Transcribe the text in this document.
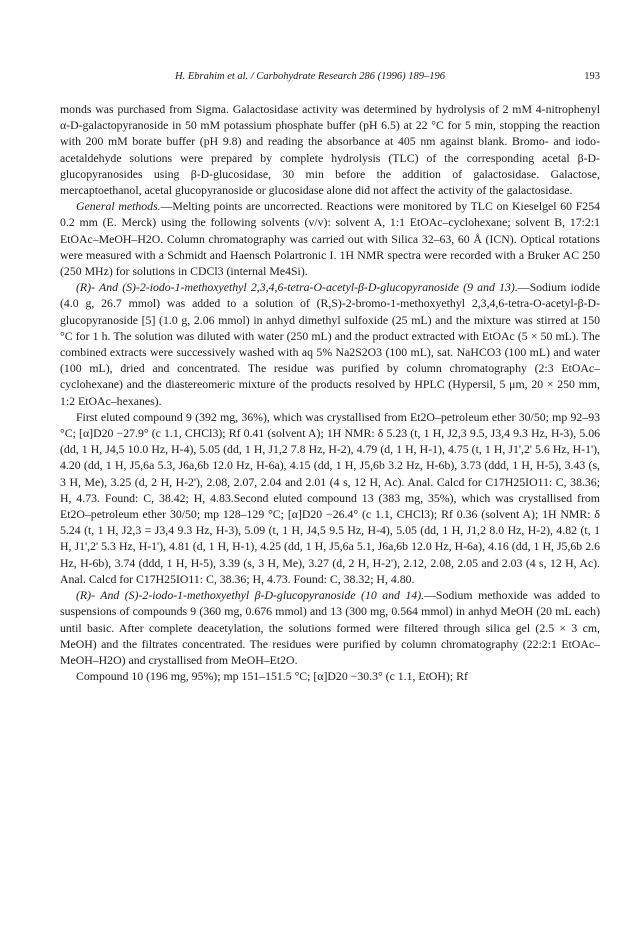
H. Ebrahim et al. / Carbohydrate Research 286 (1996) 189–196	193

monds was purchased from Sigma. Galactosidase activity was determined by hydrolysis of 2 mM 4-nitrophenyl α-D-galactopyranoside in 50 mM potassium phosphate buffer (pH 6.5) at 22 °C for 5 min, stopping the reaction with 200 mM borate buffer (pH 9.8) and reading the absorbance at 405 nm against blank. Bromo- and iodo-acetaldehyde solutions were prepared by complete hydrolysis (TLC) of the corresponding acetal β-D-glucopyranosides using β-D-glucosidase, 30 min before the addition of galactosidase. Galactose, mercaptoethanol, acetal glucopyranoside or glucosidase alone did not affect the activity of the galactosidase.

General methods.—Melting points are uncorrected. Reactions were monitored by TLC on Kieselgel 60 F254 0.2 mm (E. Merck) using the following solvents (v/v): solvent A, 1:1 EtOAc–cyclohexane; solvent B, 17:2:1 EtOAc–MeOH–H2O. Column chromatography was carried out with Silica 32–63, 60 Å (ICN). Optical rotations were measured with a Schmidt and Haensch Polartronic I. 1H NMR spectra were recorded with a Bruker AC 250 (250 MHz) for solutions in CDCl3 (internal Me4Si).

(R)- And (S)-2-iodo-1-methoxyethyl 2,3,4,6-tetra-O-acetyl-β-D-glucopyranoside (9 and 13).—Sodium iodide (4.0 g, 26.7 mmol) was added to a solution of (R,S)-2-bromo-1-methoxyethyl 2,3,4,6-tetra-O-acetyl-β-D-glucopyranoside [5] (1.0 g, 2.06 mmol) in anhyd dimethyl sulfoxide (25 mL) and the mixture was stirred at 150 °C for 1 h. The solution was diluted with water (250 mL) and the product extracted with EtOAc (5 × 50 mL). The combined extracts were successively washed with aq 5% Na2S2O3 (100 mL), sat. NaHCO3 (100 mL) and water (100 mL), dried and concentrated. The residue was purified by column chromatography (2:3 EtOAc–cyclohexane) and the diastereomeric mixture of the products resolved by HPLC (Hypersil, 5 μm, 20 × 250 mm, 1:2 EtOAc–hexanes).

First eluted compound 9 (392 mg, 36%), which was crystallised from Et2O–petroleum ether 30/50; mp 92–93 °C; [α]D20 −27.9° (c 1.1, CHCl3); Rf 0.41 (solvent A); 1H NMR: δ 5.23 (t, 1 H, J2,3 9.5, J3,4 9.3 Hz, H-3), 5.06 (dd, 1 H, J4,5 10.0 Hz, H-4), 5.05 (dd, 1 H, J1,2 7.8 Hz, H-2), 4.79 (d, 1 H, H-1), 4.75 (t, 1 H, J1',2' 5.6 Hz, H-1'), 4.20 (dd, 1 H, J5,6a 5.3, J6a,6b 12.0 Hz, H-6a), 4.15 (dd, 1 H, J5,6b 3.2 Hz, H-6b), 3.73 (ddd, 1 H, H-5), 3.43 (s, 3 H, Me), 3.25 (d, 2 H, H-2'), 2.08, 2.07, 2.04 and 2.01 (4 s, 12 H, Ac). Anal. Calcd for C17H25IO11: C, 38.36; H, 4.73. Found: C, 38.42; H, 4.83.Second eluted compound 13 (383 mg, 35%), which was crystallised from Et2O–petroleum ether 30/50; mp 128–129 °C; [α]D20 −26.4° (c 1.1, CHCl3); Rf 0.36 (solvent A); 1H NMR: δ 5.24 (t, 1 H, J2,3 = J3,4 9.3 Hz, H-3), 5.09 (t, 1 H, J4,5 9.5 Hz, H-4), 5.05 (dd, 1 H, J1,2 8.0 Hz, H-2), 4.82 (t, 1 H, J1',2' 5.3 Hz, H-1'), 4.81 (d, 1 H, H-1), 4.25 (dd, 1 H, J5,6a 5.1, J6a,6b 12.0 Hz, H-6a), 4.16 (dd, 1 H, J5,6b 2.6 Hz, H-6b), 3.74 (ddd, 1 H, H-5), 3.39 (s, 3 H, Me), 3.27 (d, 2 H, H-2'), 2.12, 2.08, 2.05 and 2.03 (4 s, 12 H, Ac). Anal. Calcd for C17H25IO11: C, 38.36; H, 4.73. Found: C, 38.32; H, 4.80.

(R)- And (S)-2-iodo-1-methoxyethyl β-D-glucopyranoside (10 and 14).—Sodium methoxide was added to suspensions of compounds 9 (360 mg, 0.676 mmol) and 13 (300 mg, 0.564 mmol) in anhyd MeOH (20 mL each) until basic. After complete deacetylation, the solutions formed were filtered through silica gel (2.5 × 3 cm, MeOH) and the filtrates concentrated. The residues were purified by column chromatography (22:2:1 EtOAc–MeOH–H2O) and crystallised from MeOH–Et2O.

Compound 10 (196 mg, 95%); mp 151–151.5 °C; [α]D20 −30.3° (c 1.1, EtOH); Rf
